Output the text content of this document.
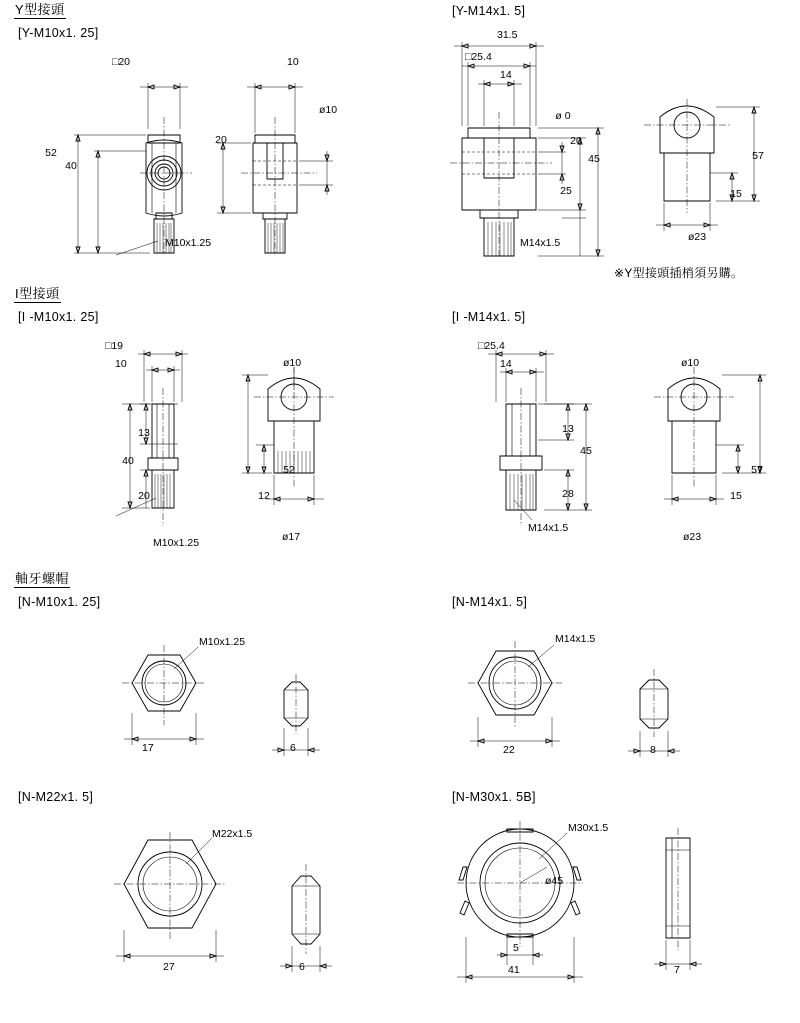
Y型接頭
[Y-M10x1. 25]
[Y-M14x1. 5]
□20
52
40
M10x1.25
10
20
ø10
31.5
□25.4
14
ø 0
20
45
25
M14x1.5
57
15
ø23
※Y型接頭插梢須另購。
I型接頭
[I -M10x1. 25]	[I -M14x1. 5]
□19
10
13
40
20
M10x1.25
52
12
ø10
ø17
□25.4
14
13
45
28
M14x1.5
ø10
57
15
ø23
軸牙螺帽
[N-M10x1. 25]	[N-M14x1. 5]
[N-M22x1. 5]	[N-M30x1. 5B]
M10x1.25
17	6
M14x1.5
22	8
M22x1.5
27	6
M30x1.5
ø45
5
41	7
